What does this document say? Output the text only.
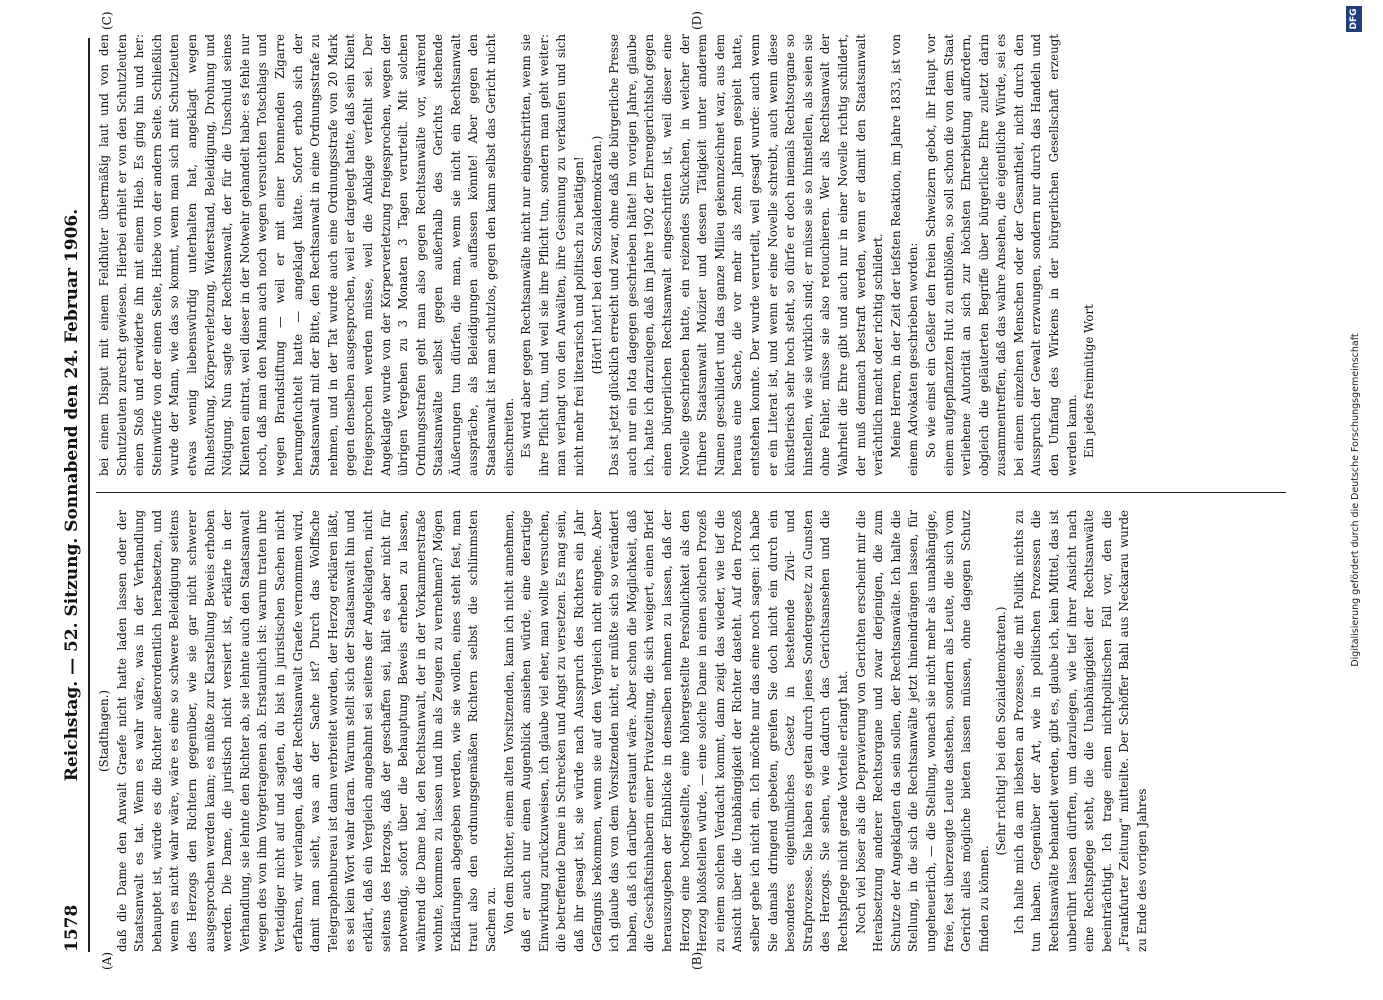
1578
Reichstag. — 52. Sitzung. Sonnabend den 24. Februar 1906.
(A)	(B)
(C)	(D)

(Stadthagen.) daß die Dame den Anwalt Graefe nicht hatte laden lassen oder der Staatsanwalt es tat. Wenn es wahr wäre, was in der Verhandlung behauptet ist, würde es die Richter außerordentlich herabsetzen, und wenn es nicht wahr wäre, wäre es eine so schwere Beleidigung seitens des Herzogs den Richtern gegenüber, wie sie gar nicht schwerer ausgesprochen werden kann; es müßte zur Klarstellung Beweis erhoben werden. Die Dame, die juristisch nicht versiert ist, erklärte in der Verhandlung, sie lehnte den Richter ab, sie lehnte auch den Staatsanwalt wegen des von ihm Vorgetragenen ab. Erstaunlich ist: warum traten ihre Verteidiger nicht auf und sagten, du bist in juristischen Sachen nicht erfahren, wir verlangen, daß der Rechtsanwalt Graefe vernommen wird, damit man sieht, was an der Sache ist? Durch das Wolffsche Telegraphenbureau ist dann verbreitet worden, der Herzog erklären läßt, es sei kein Wort wahr daran. Warum stellt sich der Staatsanwalt hin und erklärt, daß ein Vergleich angebahnt sei seitens der Angeklagten, nicht seitens des Herzogs, daß der geschaffen sei, hält es aber nicht für notwendig, sofort über die Behauptung Beweis erheben zu lassen, während die Dame hat, den Rechtsanwalt, der in der Vorkammerstraße wohnte, kommen zu lassen und ihn als Zeugen zu vernehmen? Mögen Erklärungen abgegeben werden, wie sie wollen, eines steht fest, man traut also den ordnungsgemäßen Richtern selbst die schlimmsten Sachen zu. Von dem Richter, einem alten Vorsitzenden, kann ich nicht annehmen, daß er auch nur einen Augenblick ansiehen würde, eine derartige Einwirkung zurückzuweisen, ich glaube viel eher, man wollte versuchen, die betreffende Dame in Schrecken und Angst zu versetzen. Es mag sein, daß ihr gesagt ist, sie würde nach Ausspruch des Richters ein Jahr Gefängnis bekommen, wenn sie auf den Vergleich nicht eingehe. Aber ich glaube das von dem Vorsitzenden nicht, er müßte sich so verändert haben, daß ich darüber erstaunt wäre. Aber schon die Möglichkeit, daß die Geschäftsinhaberin einer Privatzeitung, die sich weigert, einen Brief herauszugeben der Einblicke in denselben nehmen zu lassen, daß der Herzog eine hochgestellte, eine höhergestellte Persönlichkeit als den Herzog bloßstellen würde, — eine solche Dame in einen solchen Prozeß zu einem solchen Verdacht kommt, dann zeigt das wieder, wie tief die Ansicht über die Unabhängigkeit der Richter dasteht. Auf den Prozeß selber gehe ich nicht ein. Ich möchte nur das eine noch sagen: ich habe Sie damals dringend gebeten, greifen Sie doch nicht ein durch ein besonderes eigentümliches Gesetz in bestehende Zivil- und Strafprozesse. Sie haben es getan durch jenes Sondergesetz zu Gunsten des Herzogs. Sie sehen, wie dadurch das Gerichtsansehen und die Rechtspflege nicht gerade Vorteile erlangt hat. Noch viel böser als die Depravierung von Gerichten erscheint mir die Herabsetzung anderer Rechtsorgane und zwar derjenigen, die zum Schutze der Angeklagten da sein sollen, der Rechtsanwälte. Ich halte die Stellung, in die sich die Rechtsanwälte jetzt hineindrängen lassen, für ungeheuerlich, — die Stellung, wonach sie nicht mehr als unabhängige, freie, fest überzeugte Leute dastehen, sondern als Leute, die sich vom Gericht alles mögliche bieten lassen müssen, ohne dagegen Schutz finden zu können.

(Sehr richtig! bei den Sozialdemokraten.) Ich halte mich da am liebsten an Prozesse, die mit Politik nichts zu tun haben. Gegenüber der Art, wie in politischen Prozessen die Rechtsanwälte behandelt werden, gibt es, glaube ich, kein Mittel, das ist unberührt lassen dürften, um darzulegen, wie tief ihrer Ansicht nach eine Rechtspflege steht, die die Unabhängigkeit der Rechtsanwälte beeinträchtigt. Ich trage einen nichtpolitischen Fall vor, den die „Frankfurter Zeitung“ mitteilte. Der Schöffer Bahl aus Neckarau wurde zu Ende des vorigen Jahres

bei einem Disput mit einem Feldhüter übermäßig laut und von den Schutzleuten zurecht gewiesen. Hierbei erhielt er von den Schutzleuten einen Stoß und erwiderte ihn mit einem Hieb. Es ging hin und her: Steinwürfe von der einen Seite, Hiebe von der andern Seite. Schließlich wurde der Mann, wie das so kommt, wenn man sich mit Schutzleuten etwas wenig liebenswürdig unterhalten hat, angeklagt wegen Ruhestörung, Körperverletzung, Widerstand, Beleidigung, Drohung und Nötigung. Nun sagte der Rechtsanwalt, der für die Unschuld seines Klienten eintrat, weil dieser in der Notwehr gehandelt habe: es fehle nur noch, daß man den Mann auch noch wegen versuchten Totschlags und wegen Brandstiftung — weil er mit einer brennenden Zigarre herumgefuchtelt hatte — angeklagt hätte. Sofort erhob sich der Staatsanwalt mit der Bitte, den Rechtsanwalt in eine Ordnungsstrafe zu nehmen, und in der Tat wurde auch eine Ordnungsstrafe von 20 Mark gegen denselben ausgesprochen, weil er dargelegt hatte, daß sein Klient freigesprochen werden müsse, weil die Anklage verfehlt sei. Der Angeklagte wurde von der Körperverletzung freigesprochen, wegen der übrigen Vergehen zu 3 Monaten 3 Tagen verurteilt. Mit solchen Ordnungsstrafen geht man also gegen Rechtsanwälte vor, während Staatsanwälte selbst gegen außerhalb des Gerichts stehende Äußerungen tun dürfen, die man, wenn sie nicht ein Rechtsanwalt ausspräche, als Beleidigungen auffassen könnte! Aber gegen den Staatsanwalt ist man schutzlos, gegen den kann selbst das Gericht nicht einschreiten. Es wird aber gegen Rechtsanwälte nicht nur eingeschritten, wenn sie ihre Pflicht tun, und weil sie ihre Pflicht tun, sondern man geht weiter: man verlangt von den Anwälten, ihre Gesinnung zu verkaufen und sich nicht mehr frei literarisch und politisch zu betätigen! (Hört! hört! bei den Sozialdemokraten.) Das ist jetzt glücklich erreicht und zwar, ohne daß die bürgerliche Presse auch nur ein Iota dagegen geschrieben hätte! Im vorigen Jahre, glaube ich, hatte ich darzulegen, daß im Jahre 1902 der Ehrengerichtshof gegen einen bürgerlichen Rechtsanwalt eingeschritten ist, weil dieser eine Novelle geschrieben hatte, ein reizendes Stückchen, in welcher der frühere Staatsanwalt Moizier und dessen Tätigkeit unter anderem Namen geschildert und das ganze Milieu gekennzeichnet war, aus dem heraus eine Sache, die vor mehr als zehn Jahren gespielt hatte, entstehen konnte. Der wurde verurteilt, weil gesagt wurde: auch wenn er ein Literat ist, und wenn er eine Novelle schreibt, auch wenn diese künstlerisch sehr hoch steht, so dürfe er doch niemals Rechtsorgane so hinstellen, wie sie wirklich sind; er müsse sie so hinstellen, als seien sie ohne Fehler, müsse sie also retouchieren. Wer als Rechtsanwalt der Wahrheit die Ehre gibt und auch nur in einer Novelle richtig schildert, der muß demnach bestraft werden, wenn er damit den Staatsanwalt verächtlich macht oder richtig schildert. Meine Herren, in der Zeit der tiefsten Reaktion, im Jahre 1833, ist von einem Advokaten geschrieben worden: So wie einst ein Geßler den freien Schweizern gebot, ihr Haupt vor einem aufgepflanzten Hut zu entblößen, so soll schon die von dem Staat verliehene Autorität an sich zur höchsten Ehrerbietung auffordern, obgleich die geläuterten Begriffe über bürgerliche Ehre zuletzt darin zusammentreffen, daß das wahre Ansehen, die eigentliche Würde, sei es bei einem einzelnen Menschen oder der Gesamtheit, nicht durch den Ausspruch der Gewalt erzwungen, sondern nur durch das Handeln und den Umfang des Wirkens in der bürgerlichen Gesellschaft erzeugt werden kann. Ein jedes freimütige Wort	Digitalisierung gefördert durch die Deutsche Forschungsgemeinschaft
DFG
